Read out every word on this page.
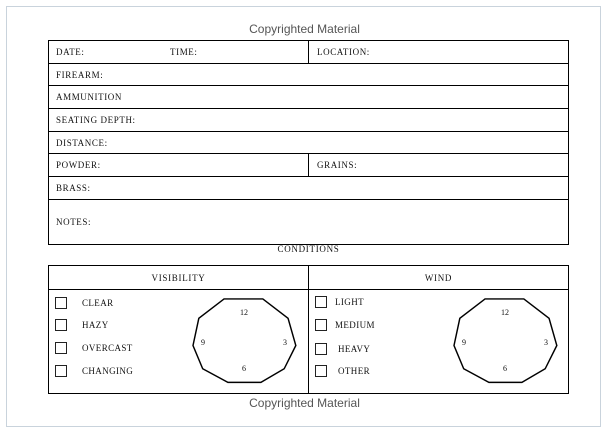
Copyrighted Material
DATE:	TIME:	LOCATION:
FIREARM:
AMMUNITION
SEATING DEPTH:
DISTANCE:
POWDER:	GRAINS:
BRASS:
NOTES:
CONDITIONS
VISIBILITY	WIND
CLEAR
HAZY
OVERCAST
CHANGING
12
3
6
9
LIGHT
MEDIUM
HEAVY
OTHER
12
3
6
9
Copyrighted Material
